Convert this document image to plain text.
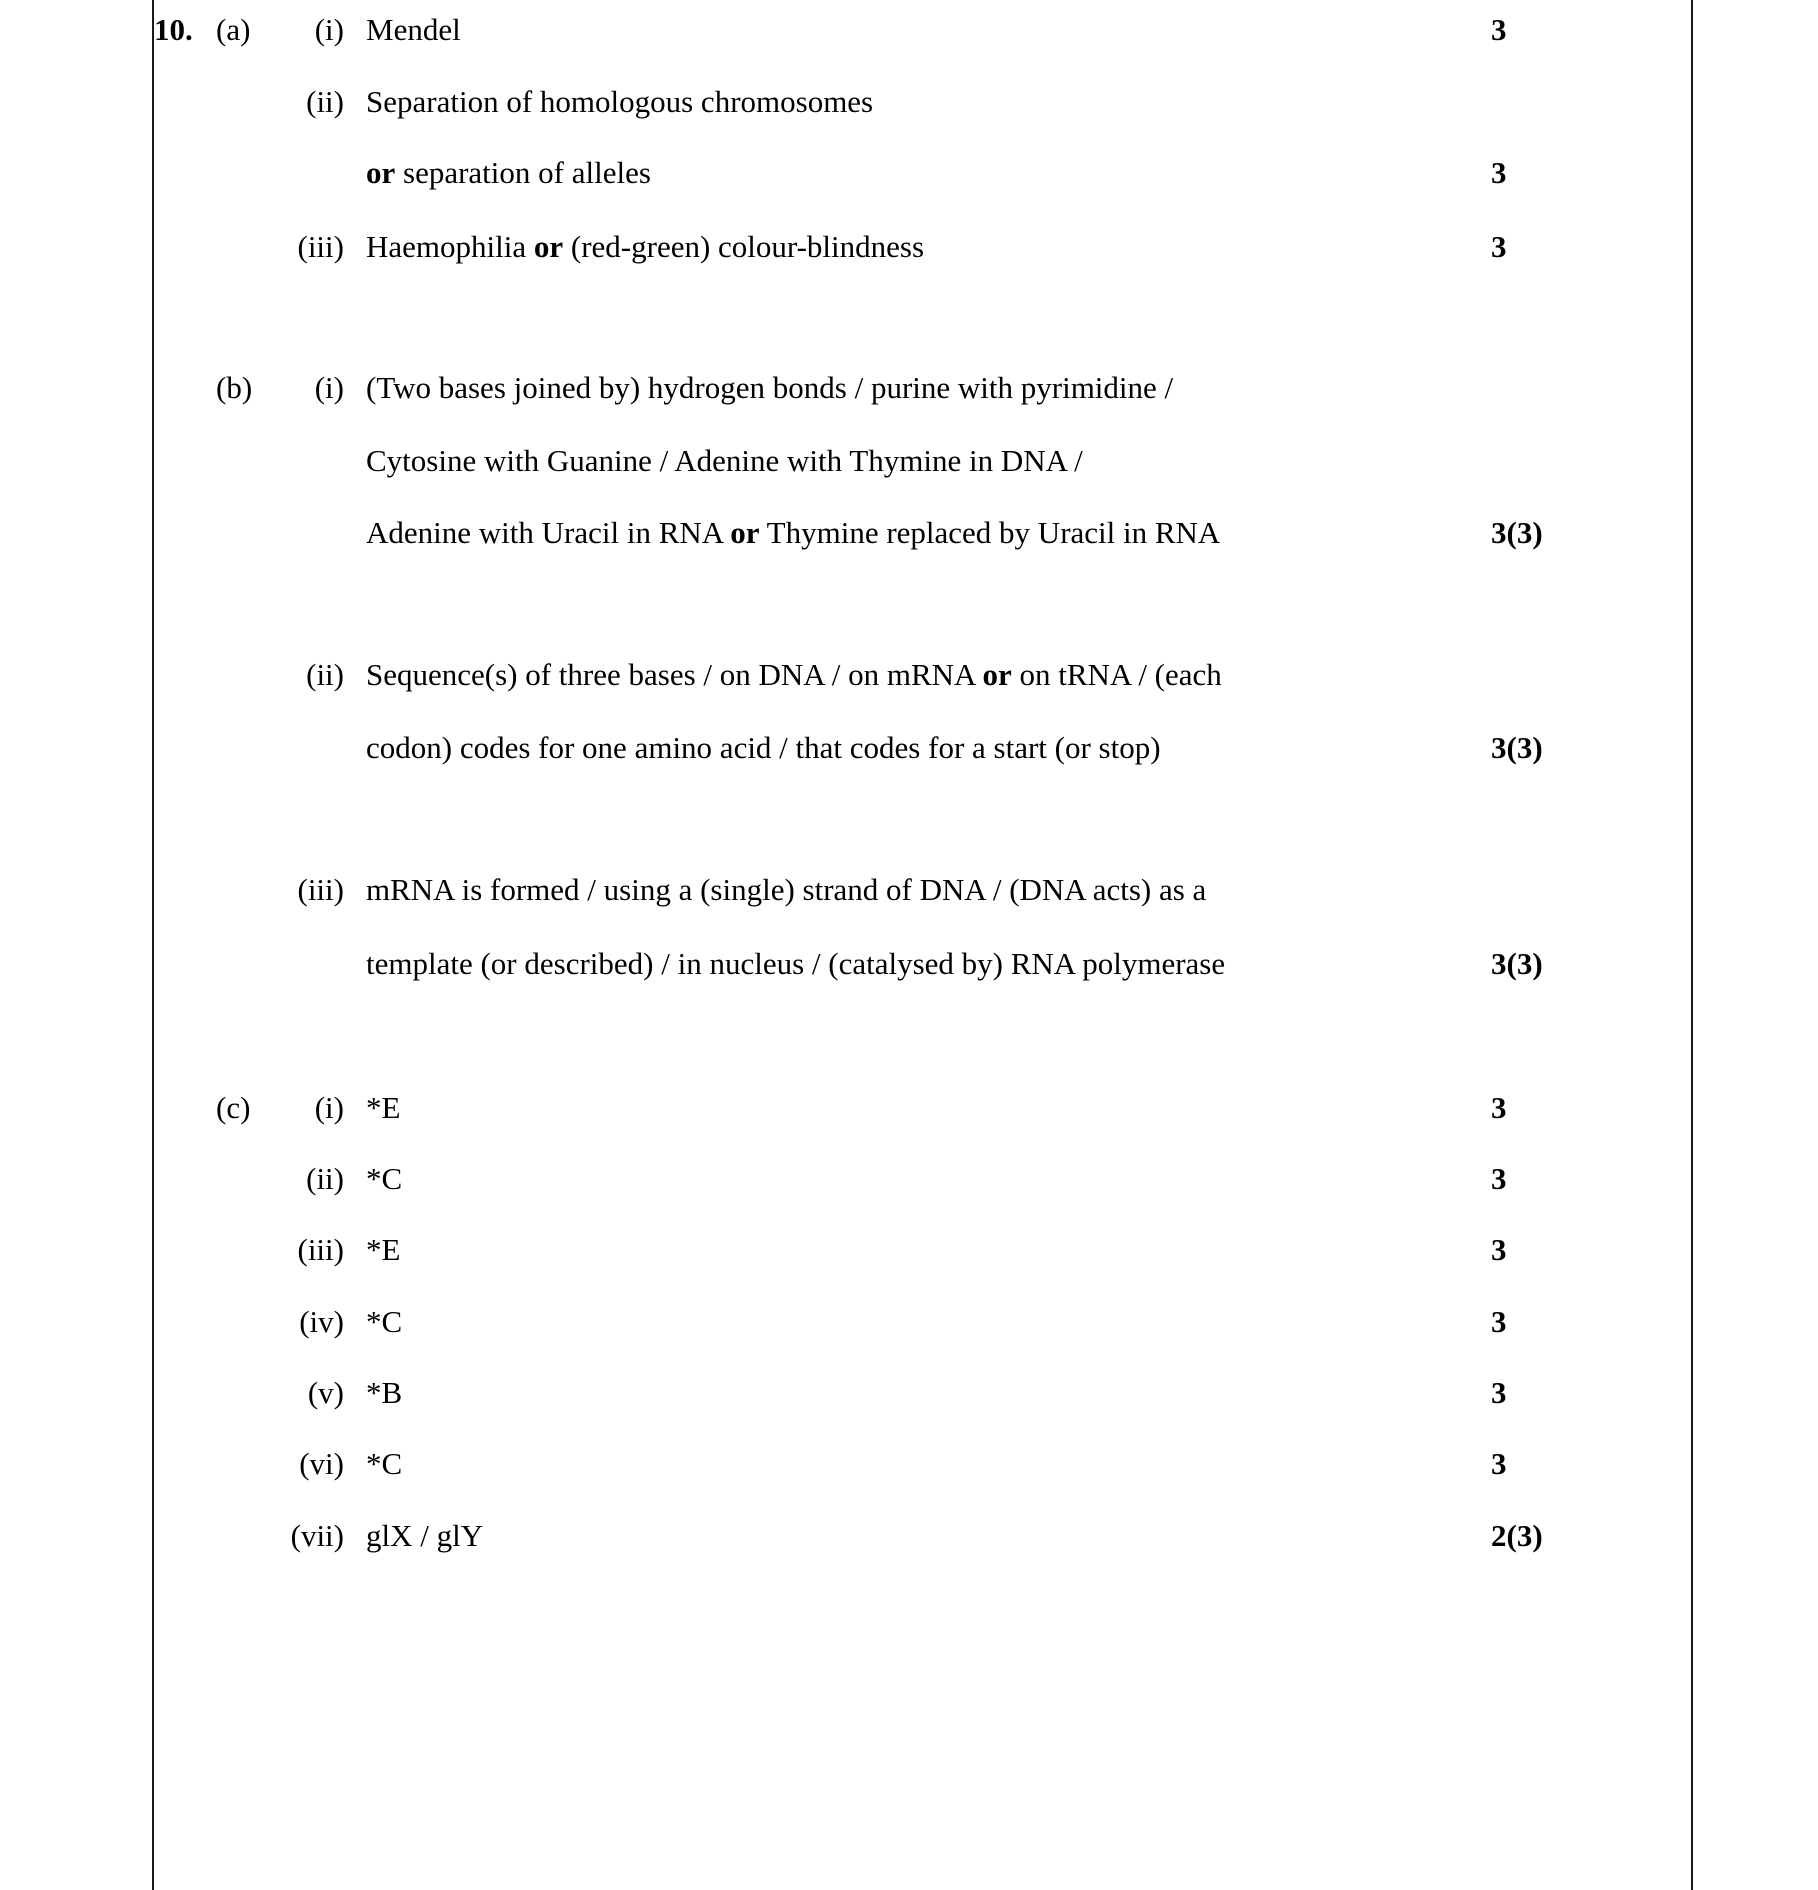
10. (a)	(i) Mendel	3
(ii) Separation of homologous chromosomes
or separation of alleles	3
(iii) Haemophilia or (red-green) colour-blindness	3
(b)	(i) (Two bases joined by) hydrogen bonds / purine with pyrimidine /
Cytosine with Guanine / Adenine with Thymine in DNA /
Adenine with Uracil in RNA or Thymine replaced by Uracil in RNA	3(3)
(ii) Sequence(s) of three bases / on DNA / on mRNA or on tRNA / (each
codon) codes for one amino acid / that codes for a start (or stop)	3(3)
(iii) mRNA is formed / using a (single) strand of DNA / (DNA acts) as a
template (or described) / in nucleus / (catalysed by) RNA polymerase	3(3)
(c)	(i) *E	3
(ii) *C	3
(iii) *E	3
(iv) *C	3
(v) *B	3
(vi) *C	3
(vii) glX / glY	2(3)
